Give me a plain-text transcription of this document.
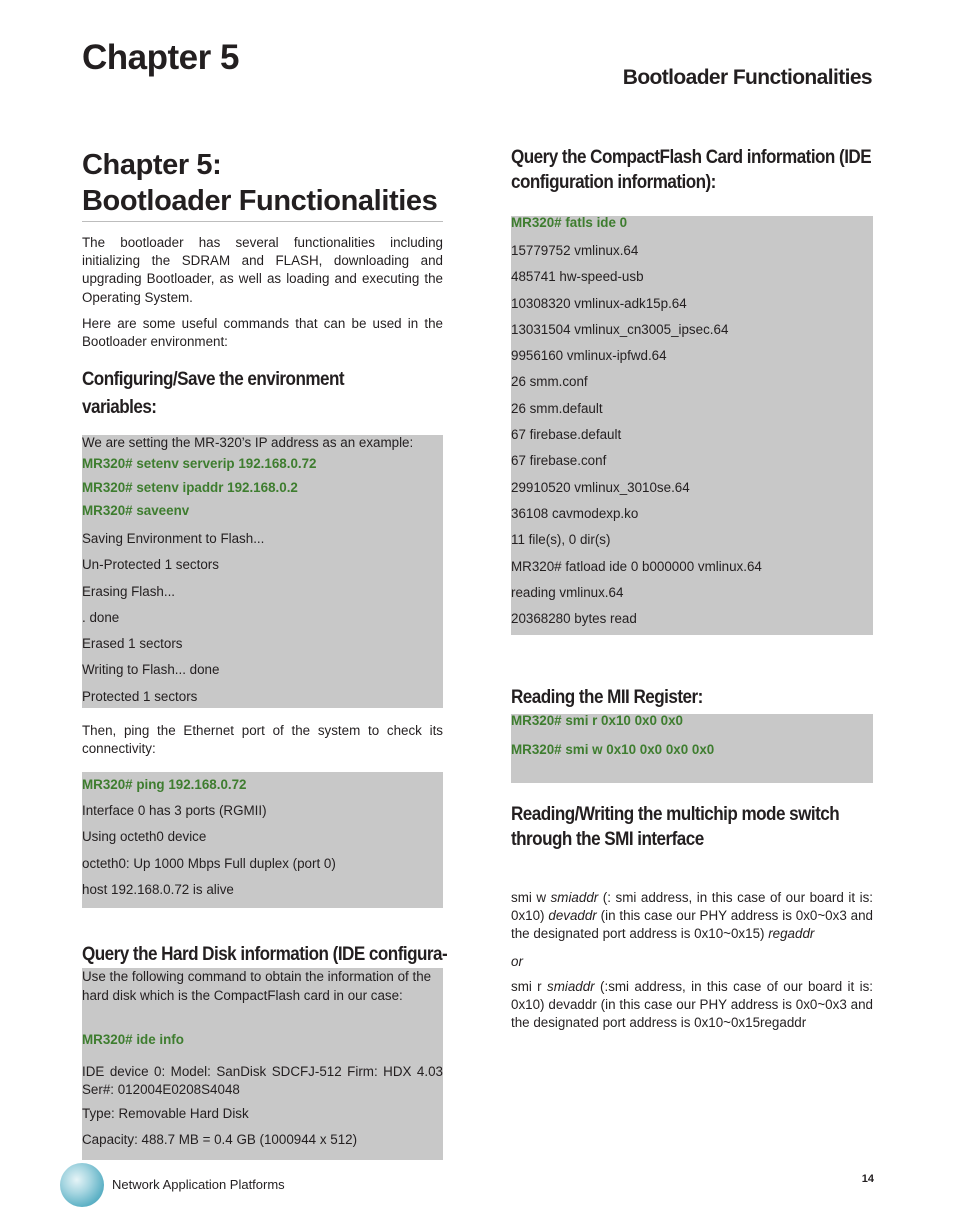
Chapter 5
Bootloader Functionalities
Chapter 5:
Bootloader Functionalities
The bootloader has several functionalities including initializing the SDRAM and FLASH, downloading and upgrading Bootloader, as well as loading and executing the Operating System.
Here are some useful commands that can be used in the Bootloader environment:
Configuring/Save the environment
variables:
We are setting the MR-320’s IP address as an example:
MR320# setenv serverip 192.168.0.72
MR320# setenv ipaddr 192.168.0.2
MR320# saveenv
Saving Environment to Flash...
Un-Protected 1 sectors
Erasing Flash...
. done
Erased 1 sectors
Writing to Flash... done
Protected 1 sectors
Then, ping the Ethernet port of the system to check its connectivity:
MR320# ping 192.168.0.72
Interface 0 has 3 ports (RGMII)
Using octeth0 device
octeth0: Up 1000 Mbps Full duplex (port 0)
host 192.168.0.72 is alive
Query the Hard Disk information (IDE configura-
Use the following command to obtain the information of the hard disk which is the CompactFlash card in our case:
MR320# ide info
IDE device 0: Model: SanDisk SDCFJ-512 Firm: HDX 4.03 Ser#: 012004E0208S4048
Type: Removable Hard Disk
Capacity: 488.7 MB = 0.4 GB (1000944 x 512)
Query the CompactFlash Card information (IDE
configuration information):
MR320# fatls ide 0
15779752 vmlinux.64
485741 hw-speed-usb
10308320 vmlinux-adk15p.64
13031504 vmlinux_cn3005_ipsec.64
9956160 vmlinux-ipfwd.64
26 smm.conf
26 smm.default
67 firebase.default
67 firebase.conf
29910520 vmlinux_3010se.64
36108 cavmodexp.ko
11 file(s), 0 dir(s)
MR320# fatload ide 0 b000000 vmlinux.64
reading vmlinux.64
20368280 bytes read
Reading the MII Register:
MR320# smi r 0x10 0x0 0x0
MR320# smi w 0x10 0x0 0x0 0x0
Reading/Writing the multichip mode switch
through the SMI interface
smi w smiaddr (: smi address, in this case of our board it is: 0x10) devaddr (in this case our PHY address is 0x0~0x3 and the designated port address is 0x10~0x15) regaddr
or
smi r smiaddr (:smi address, in this case of our board it is: 0x10) devaddr (in this case our PHY address is 0x0~0x3 and the designated port address is 0x10~0x15regaddr
Network Application Platforms	14
